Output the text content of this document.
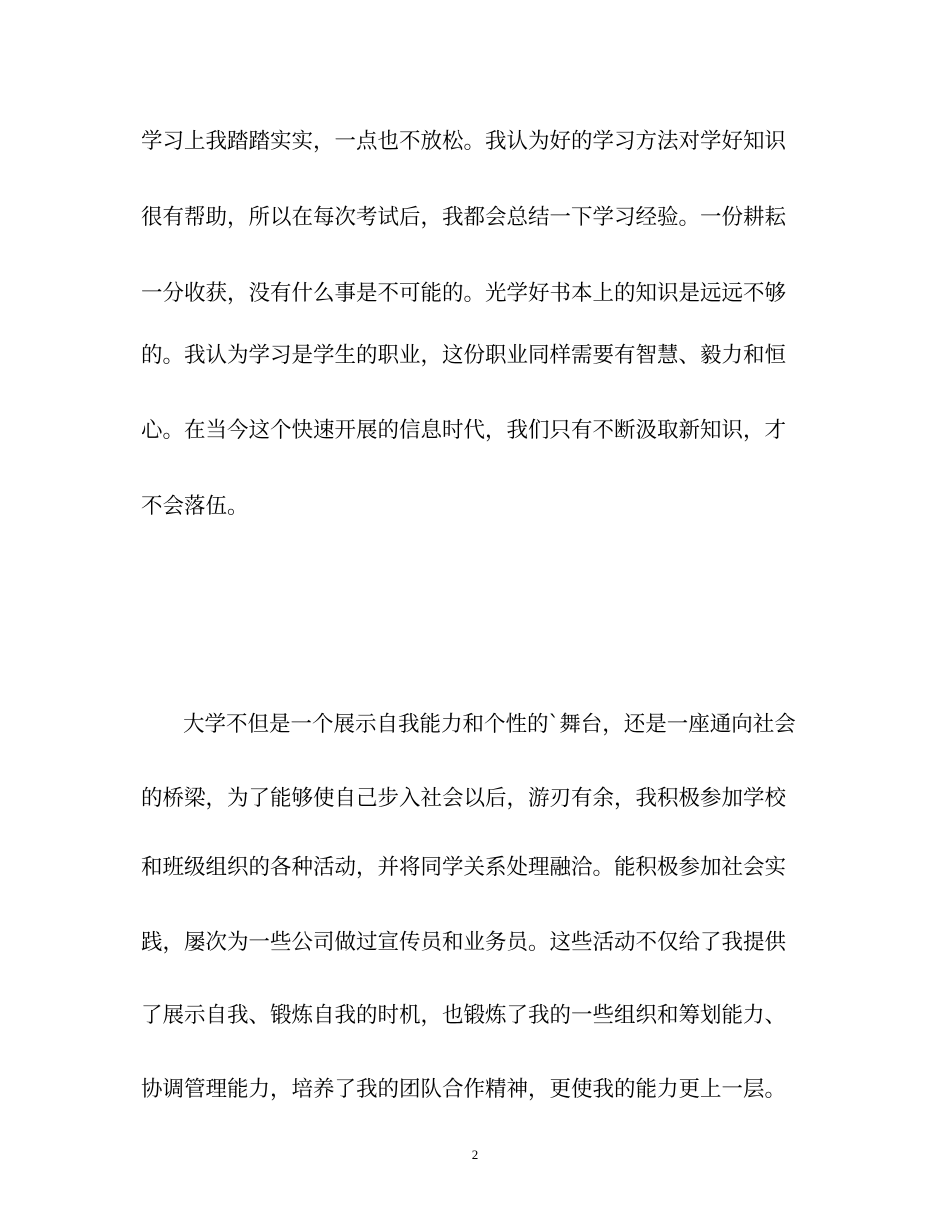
学习上我踏踏实实，一点也不放松。我认为好的学习方法对学好知识
很有帮助，所以在每次考试后，我都会总结一下学习经验。一份耕耘
一分收获，没有什么事是不可能的。光学好书本上的知识是远远不够
的。我认为学习是学生的职业，这份职业同样需要有智慧、毅力和恒
心。在当今这个快速开展的信息时代，我们只有不断汲取新知识，才
不会落伍。
大学不但是一个展示自我能力和个性的`舞台，还是一座通向社会
的桥梁，为了能够使自己步入社会以后，游刃有余，我积极参加学校
和班级组织的各种活动，并将同学关系处理融洽。能积极参加社会实
践，屡次为一些公司做过宣传员和业务员。这些活动不仅给了我提供
了展示自我、锻炼自我的时机，也锻炼了我的一些组织和筹划能力、
协调管理能力，培养了我的团队合作精神，更使我的能力更上一层。
2
